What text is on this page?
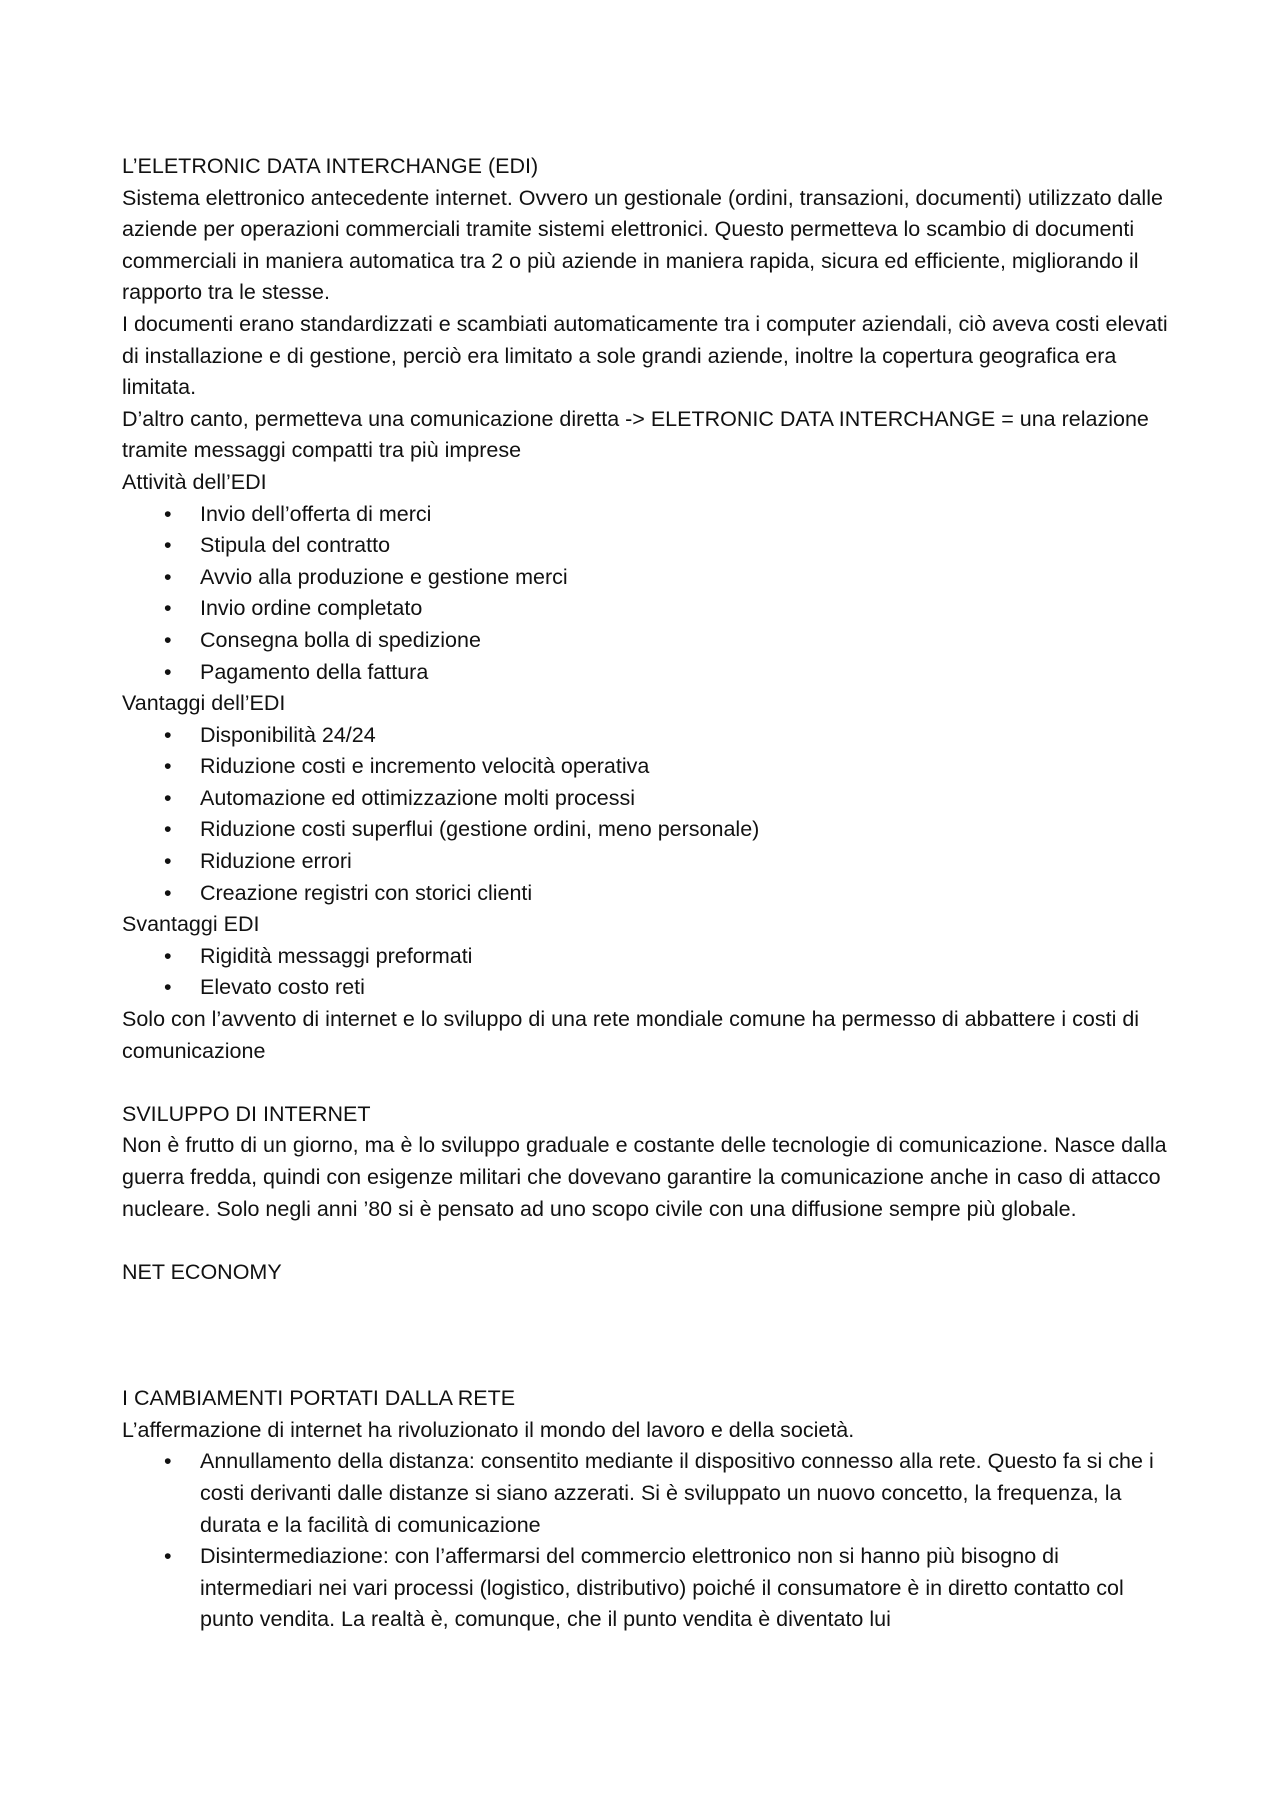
L’ELETRONIC DATA INTERCHANGE (EDI)

Sistema elettronico antecedente internet. Ovvero un gestionale (ordini, transazioni, documenti) utilizzato dalle aziende per operazioni commerciali tramite sistemi elettronici. Questo permetteva lo scambio di documenti commerciali in maniera automatica tra 2 o più aziende in maniera rapida, sicura ed efficiente, migliorando il rapporto tra le stesse.

I documenti erano standardizzati e scambiati automaticamente tra i computer aziendali, ciò aveva costi elevati di installazione e di gestione, perciò era limitato a sole grandi aziende, inoltre la copertura geografica era limitata.

D’altro canto, permetteva una comunicazione diretta -> ELETRONIC DATA INTERCHANGE = una relazione tramite messaggi compatti tra più imprese

Attività dell’EDI

• Invio dell’offerta di merci
• Stipula del contratto
• Avvio alla produzione e gestione merci
• Invio ordine completato
• Consegna bolla di spedizione
• Pagamento della fattura

Vantaggi dell’EDI

• Disponibilità 24/24
• Riduzione costi e incremento velocità operativa
• Automazione ed ottimizzazione molti processi
• Riduzione costi superflui (gestione ordini, meno personale)
• Riduzione errori
• Creazione registri con storici clienti

Svantaggi EDI

• Rigidità messaggi preformati
• Elevato costo reti

Solo con l’avvento di internet e lo sviluppo di una rete mondiale comune ha permesso di abbattere i costi di comunicazione

SVILUPPO DI INTERNET

Non è frutto di un giorno, ma è lo sviluppo graduale e costante delle tecnologie di comunicazione. Nasce dalla guerra fredda, quindi con esigenze militari che dovevano garantire la comunicazione anche in caso di attacco nucleare. Solo negli anni ’80 si è pensato ad uno scopo civile con una diffusione sempre più globale.

NET ECONOMY

I CAMBIAMENTI PORTATI DALLA RETE

L’affermazione di internet ha rivoluzionato il mondo del lavoro e della società.

• Annullamento della distanza: consentito mediante il dispositivo connesso alla rete. Questo fa si che i costi derivanti dalle distanze si siano azzerati. Si è sviluppato un nuovo concetto, la frequenza, la durata e la facilità di comunicazione
• Disintermediazione: con l’affermarsi del commercio elettronico non si hanno più bisogno di intermediari nei vari processi (logistico, distributivo) poiché il consumatore è in diretto contatto col punto vendita. La realtà è, comunque, che il punto vendita è diventato lui
